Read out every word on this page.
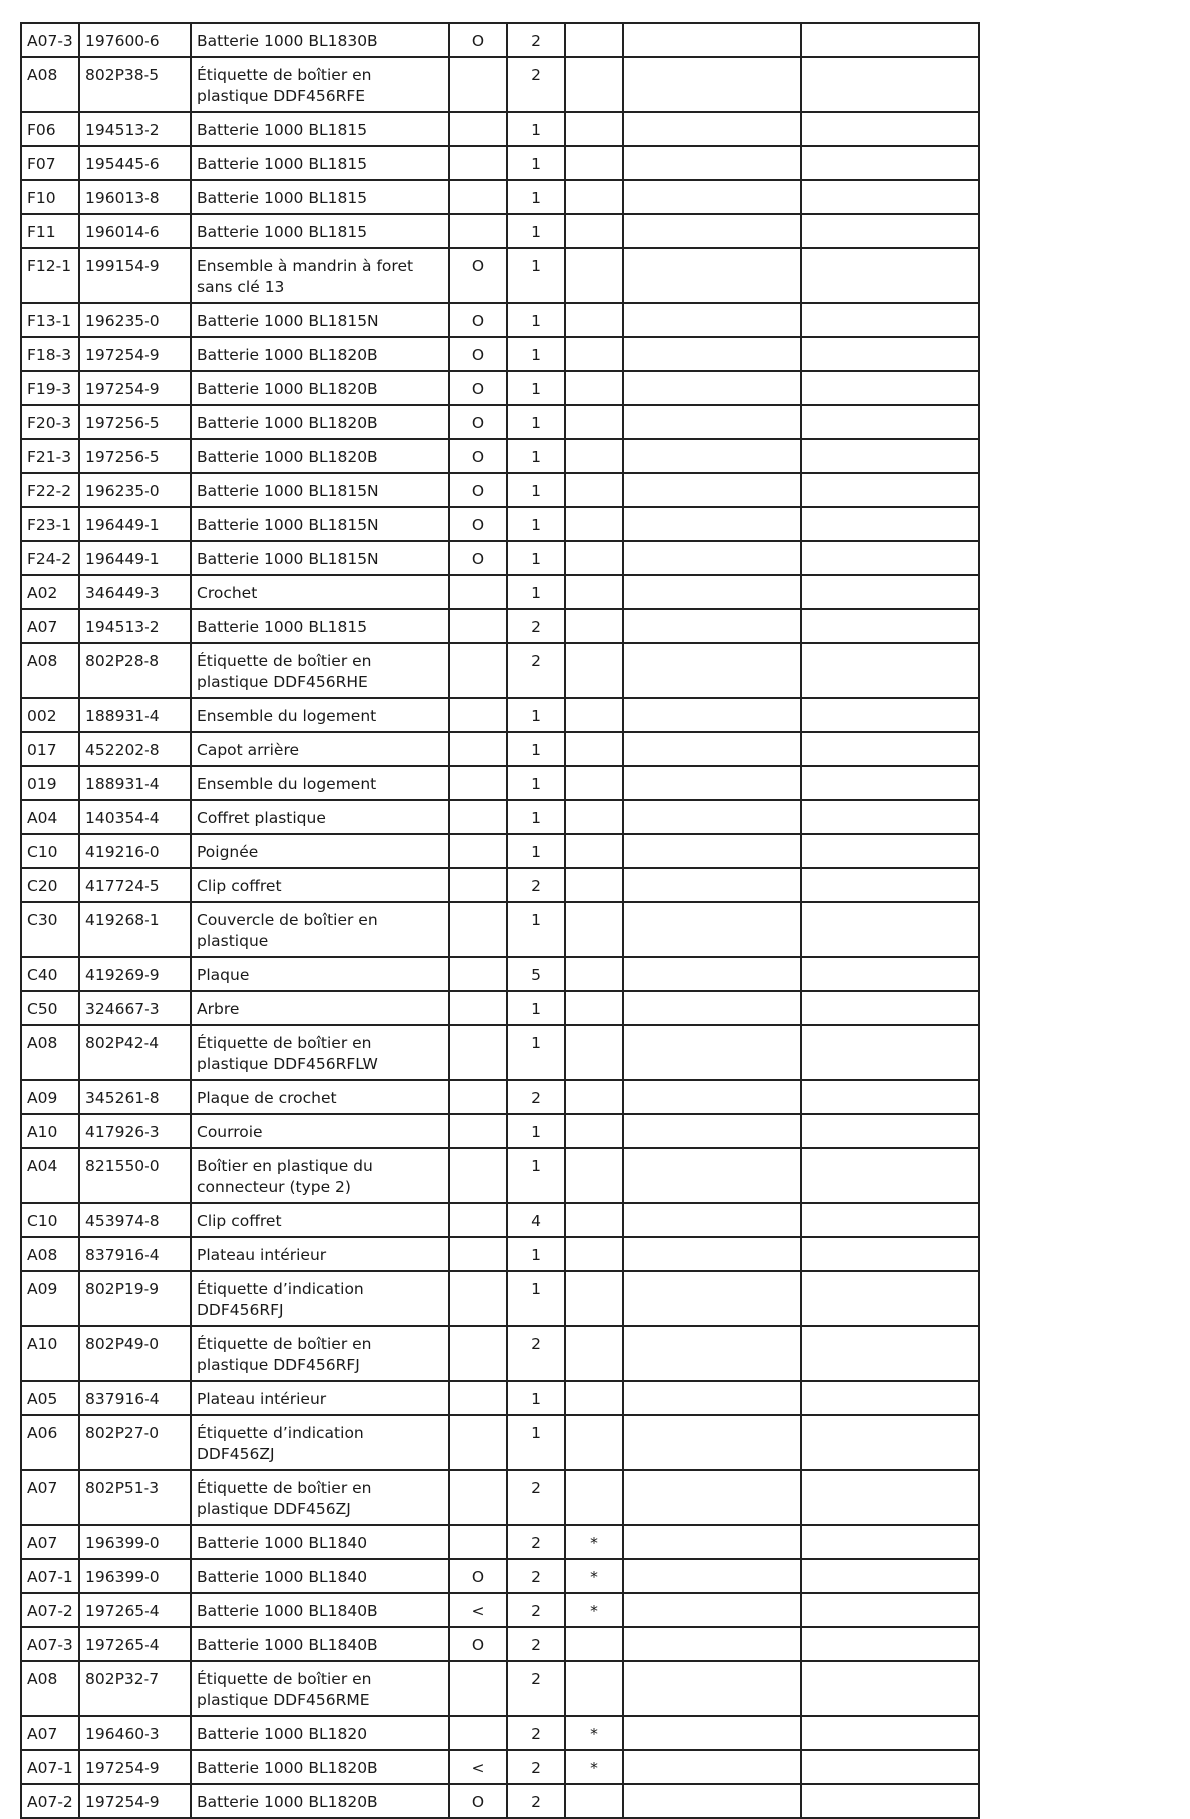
A07-3	197600-6	Batterie 1000 BL1830B	O	2			
A08	802P38-5	Étiquette de boîtier en plastique DDF456RFE		2			
F06	194513-2	Batterie 1000 BL1815		1			
F07	195445-6	Batterie 1000 BL1815		1			
F10	196013-8	Batterie 1000 BL1815		1			
F11	196014-6	Batterie 1000 BL1815		1			
F12-1	199154-9	Ensemble à mandrin à foret sans clé 13	O	1			
F13-1	196235-0	Batterie 1000 BL1815N	O	1			
F18-3	197254-9	Batterie 1000 BL1820B	O	1			
F19-3	197254-9	Batterie 1000 BL1820B	O	1			
F20-3	197256-5	Batterie 1000 BL1820B	O	1			
F21-3	197256-5	Batterie 1000 BL1820B	O	1			
F22-2	196235-0	Batterie 1000 BL1815N	O	1			
F23-1	196449-1	Batterie 1000 BL1815N	O	1			
F24-2	196449-1	Batterie 1000 BL1815N	O	1			
A02	346449-3	Crochet		1			
A07	194513-2	Batterie 1000 BL1815		2			
A08	802P28-8	Étiquette de boîtier en plastique DDF456RHE		2			
002	188931-4	Ensemble du logement		1			
017	452202-8	Capot arrière		1			
019	188931-4	Ensemble du logement		1			
A04	140354-4	Coffret plastique		1			
C10	419216-0	Poignée		1			
C20	417724-5	Clip coffret		2			
C30	419268-1	Couvercle de boîtier en plastique		1			
C40	419269-9	Plaque		5			
C50	324667-3	Arbre		1			
A08	802P42-4	Étiquette de boîtier en plastique DDF456RFLW		1			
A09	345261-8	Plaque de crochet		2			
A10	417926-3	Courroie		1			
A04	821550-0	Boîtier en plastique du connecteur (type 2)		1			
C10	453974-8	Clip coffret		4			
A08	837916-4	Plateau intérieur		1			
A09	802P19-9	Étiquette d’indication DDF456RFJ		1			
A10	802P49-0	Étiquette de boîtier en plastique DDF456RFJ		2			
A05	837916-4	Plateau intérieur		1			
A06	802P27-0	Étiquette d’indication DDF456ZJ		1			
A07	802P51-3	Étiquette de boîtier en plastique DDF456ZJ		2			
A07	196399-0	Batterie 1000 BL1840		2	*		
A07-1	196399-0	Batterie 1000 BL1840	O	2	*		
A07-2	197265-4	Batterie 1000 BL1840B	<	2	*		
A07-3	197265-4	Batterie 1000 BL1840B	O	2			
A08	802P32-7	Étiquette de boîtier en plastique DDF456RME		2			
A07	196460-3	Batterie 1000 BL1820		2	*		
A07-1	197254-9	Batterie 1000 BL1820B	<	2	*		
A07-2	197254-9	Batterie 1000 BL1820B	O	2			
